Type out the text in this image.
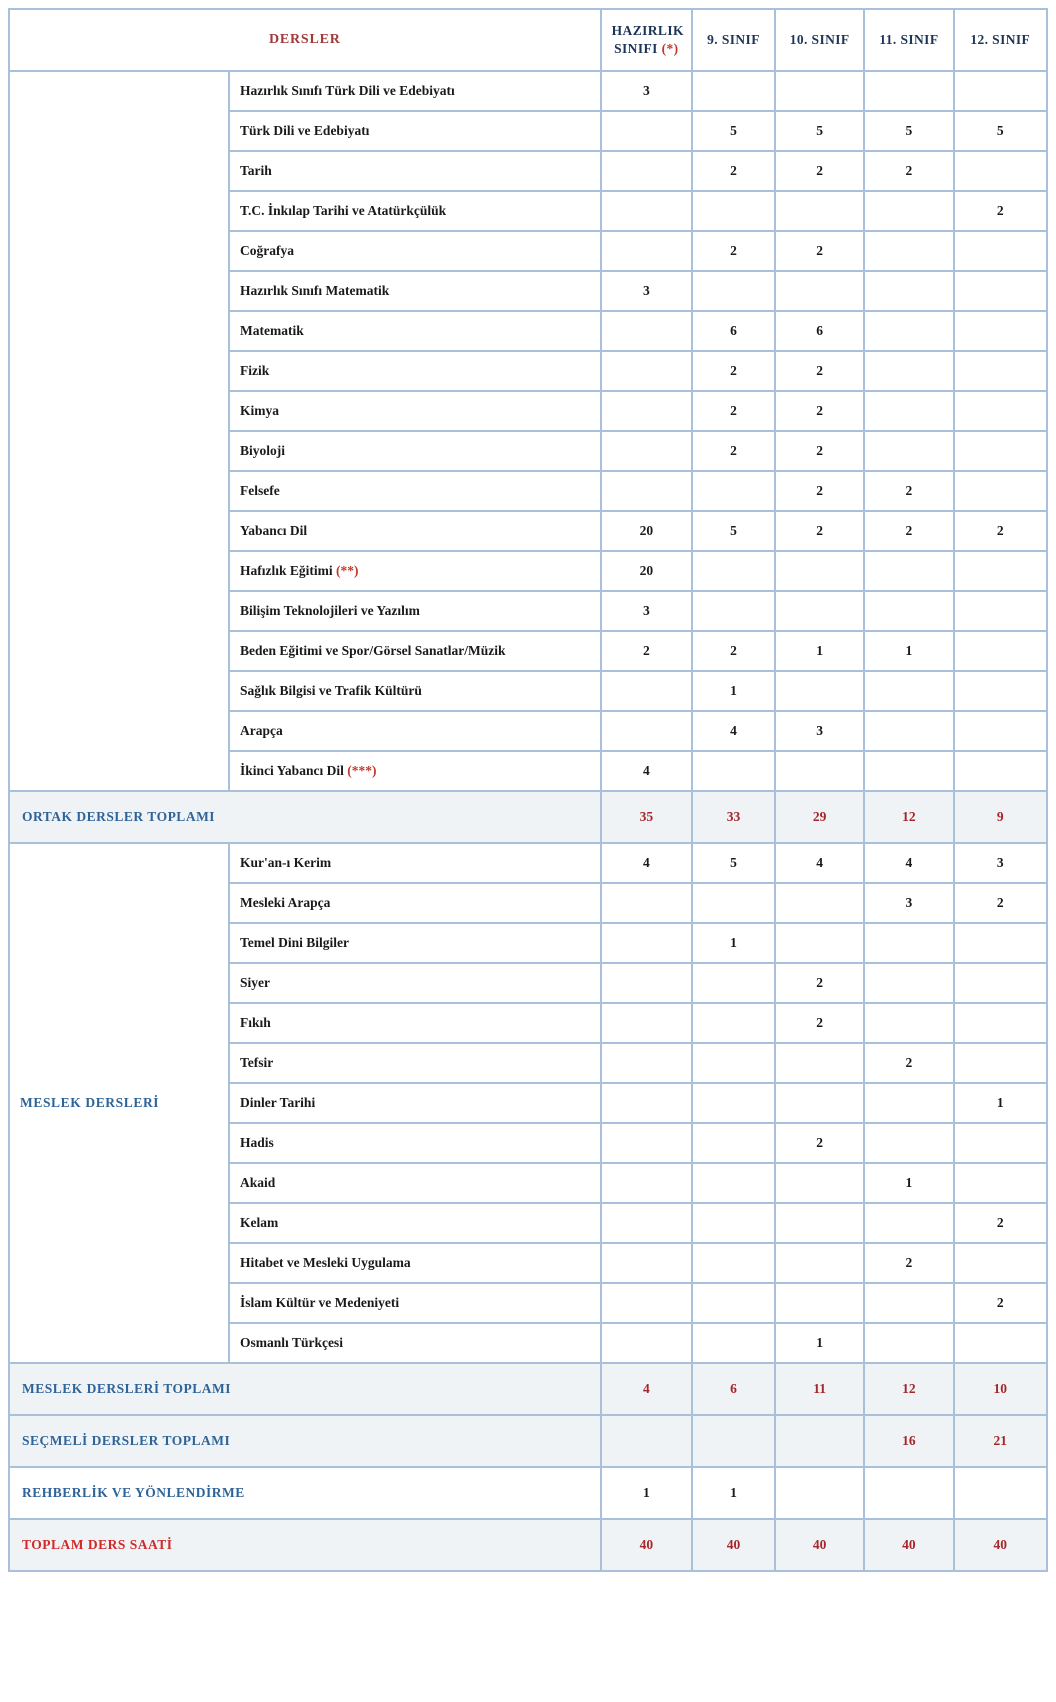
DERSLER		HAZIRLIK
SINIFI (*)	9. SINIF	10. SINIF	11. SINIF	12. SINIF
	Hazırlık Sınıfı Türk Dili ve Edebiyatı	3				
	Türk Dili ve Edebiyatı		5	5	5	5
	Tarih		2	2	2	
	T.C. İnkılap Tarihi ve Atatürkçülük					2
	Coğrafya		2	2		
	Hazırlık Sınıfı Matematik	3				
	Matematik		6	6		
	Fizik		2	2		
	Kimya		2	2		
	Biyoloji		2	2		
	Felsefe			2	2	
	Yabancı Dil	20	5	2	2	2
	Hafızlık Eğitimi (**)	20				
	Bilişim Teknolojileri ve Yazılım	3				
	Beden Eğitimi ve Spor/Görsel Sanatlar/Müzik	2	2	1	1	
	Sağlık Bilgisi ve Trafik Kültürü		1			
	Arapça		4	3		
	İkinci Yabancı Dil (***)	4				
ORTAK DERSLER TOPLAMI		35	33	29	12	9
MESLEK DERSLERİ	Kur'an-ı Kerim	4	5	4	4	3
	Mesleki Arapça				3	2
	Temel Dini Bilgiler		1			
	Siyer			2		
	Fıkıh			2		
	Tefsir				2	
	Dinler Tarihi					1
	Hadis			2		
	Akaid				1	
	Kelam					2
	Hitabet ve Mesleki Uygulama				2	
	İslam Kültür ve Medeniyeti					2
	Osmanlı Türkçesi			1		
MESLEK DERSLERİ TOPLAMI		4	6	11	12	10
SEÇMELİ DERSLER TOPLAMI					16	21
REHBERLİK VE YÖNLENDİRME		1	1			
TOPLAM DERS SAATİ		40	40	40	40	40
